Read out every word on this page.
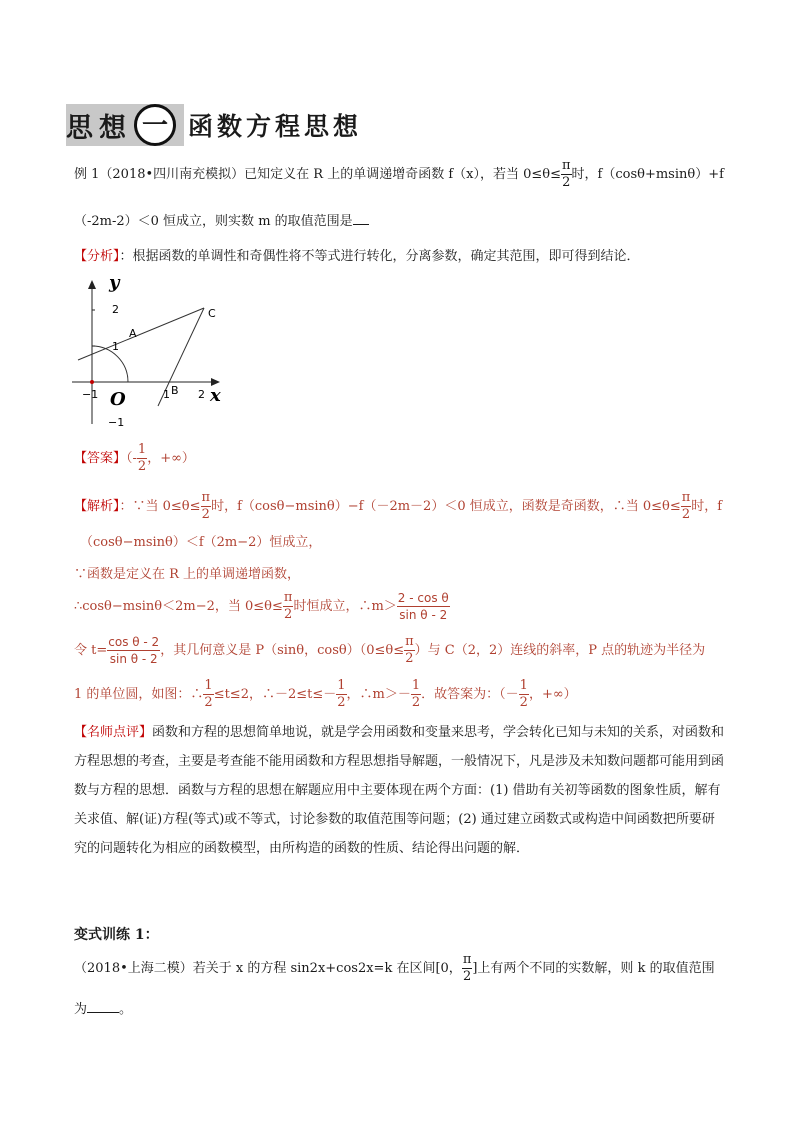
思想 一 函数方程思想
例 1（2018•四川南充模拟）已知定义在 R 上的单调递增奇函数 f（x），若当 $0\le\theta\le \frac{\pi}{2}$ 时，f（cosθ+msinθ）+f
（-2m-2）＜0 恒成立，则实数 m 的取值范围是
【分析】：根据函数的单调性和奇偶性将不等式进行转化，分离参数，确定其范围，即可得到结论．
y
x
O
2
1
−1
−1	1	2
A
B
C
【答案】（- $\frac{1}{2}$ ，+∞）
【解析】：∵当 $0\le\theta\le \frac{\pi}{2}$ 时，f（cosθ−msinθ）−f（－2m－2）＜0 恒成立，函数是奇函数，∴当 $0\le\theta\le \frac{\pi}{2}$ 时，f
（cosθ−msinθ）＜f（2m−2）恒成立，
∵函数是定义在 R 上的单调递增函数，
∴cosθ−msinθ＜2m−2，当 $0\le\theta\le \frac{\pi}{2}$ 时恒成立，∴m＞ $\frac{\text{2 - cos θ}}{\text{sin θ - 2}}$
令 $t= \frac{\text{cos θ - 2}}{\text{sin θ - 2}}$ ，其几何意义是 P（sinθ，$\cos\theta)(0\le\theta\le \frac{\pi}{2}$ ）与 C（2，2）连线的斜率，P 点的轨迹为半径为
1 的单位圆，如图：∴ $\frac{1}{2} \le t\le 2$，∴－2≤t≤－ $\frac{1}{2}$ ，∴m＞－ $\frac{1}{2}$ ．故答案为：（－ $\frac{1}{2}$ ，+∞）
【名师点评】函数和方程的思想简单地说，就是学会用函数和变量来思考，学会转化已知与未知的关系，对函数和方程思想的考查，主要是考查能不能用函数和方程思想指导解题，一般情况下，凡是涉及未知数问题都可能用到函数与方程的思想．函数与方程的思想在解题应用中主要体现在两个方面：(1) 借助有关初等函数的图象性质，解有关求值、解(证)方程(等式)或不等式，讨论参数的取值范围等问题；(2) 通过建立函数式或构造中间函数把所要研究的问题转化为相应的函数模型，由所构造的函数的性质、结论得出问题的解．
变式训练 1：
（2018•上海二模）若关于 x 的方程 sin2x+cos2x=k 在区间[0， $\frac{\pi}{2}$ ]上有两个不同的实数解，则 k 的取值范围
为 。
